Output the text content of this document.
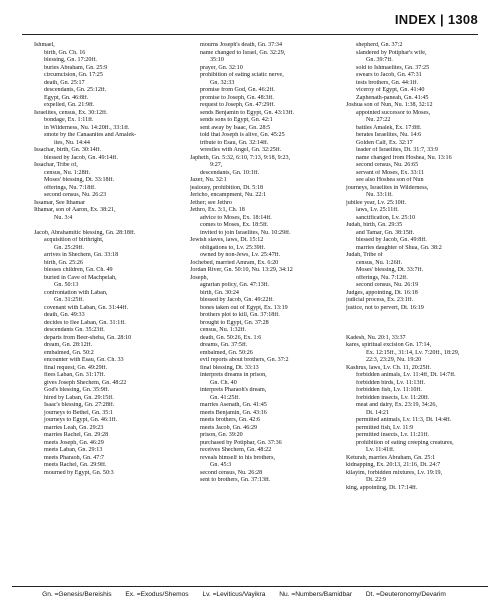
INDEX | 1308
Ishmael,
birth, Gn. Ch. 16
blessing, Gn. 17:20ff.
buries Abraham, Gn. 25:9
circumcision, Gn. 17:25
death, Gn. 25:17
descendants, Gn. 25:12ff.
Egypt, Gn. 46:8ff.
expelled, Gn. 21:9ff.
Israelites, census, Ex. 30:12ff.
bondage, Ex. 1:11ff.
in Wilderness, Nu. 14:20ff., 33:1ff.
smote by the Canaanites and Amalek-
ites, Nu. 14:44
Issachar, birth, Gn. 30:14ff.
blessed by Jacob, Gn. 49:14ff.
Issachar, Tribe of,
census, Nu. 1:28ff.
Moses' blessing, Dt. 33:18ff.
offerings, Nu. 7:18ff.
second census, Nu. 26:23
Issamar, See Ithamar
Ithamar, son of Aaron, Ex. 38:21,
Nu. 3:4
Jacob, Abrahamitic blessing, Gn. 28:18ff.
acquisition of birthright,
Gn. 25:29ff.
arrives in Shechem, Gn. 33:18
birth, Gn. 25:26
blesses children, Gn. Ch. 49
buried in Cave of Machpelah,
Gn. 50:13
confrontation with Laban,
Gn. 31:25ff.
covenant with Laban, Gn. 31:44ff.
death, Gn. 49:33
decides to flee Laban, Gn. 31:1ff.
descendants Gn. 35:23ff.
departs from Beer-sheba, Gn. 28:10
dream, Gn. 28:12ff.
embalmed, Gn. 50:2
encounter with Esau, Gn. Ch. 33
final request, Gn. 49:29ff.
flees Laban, Gn. 31:17ff.
gives Joseph Shechem, Gn. 48:22
God's blessing, Gn. 35:9ff.
hired by Laban, Gn. 29:15ff.
Isaac's blessing, Gn. 27:28ff.
journeys to Bethel, Gn. 35:1
journeys to Egypt, Gn. 46:1ff.
marries Leah, Gn. 29:23
marries Rachel, Gn. 29:28
meets Joseph, Gn. 46:29
meets Laban, Gn. 29:13
meets Pharaoh, Gn. 47:7
meets Rachel, Gn. 29:9ff.
mourned by Egypt, Gn. 50:3
mourns Joseph's death, Gn. 37:34
name changed to Israel, Gn. 32:29,
35:10
prayer, Gn. 32:10
prohibition of eating sciatic nerve,
Gn. 32:33
promise from God, Gn. 46:2ff.
promise to Joseph, Gn. 48:3ff.
request to Joseph, Gn. 47:29ff.
sends Benjamin to Egypt, Gn. 43:13ff.
sends sons to Egypt, Gn. 42:1
sent away by Isaac, Gn. 28:5
told that Joseph is alive, Gn. 45:25
tribute to Esau, Gn. 32:14ff.
wrestles with Angel, Gn. 32:25ff.
Japheth, Gn. 5:32, 6:10, 7:13, 9:18, 9:23,
9:27,
descendants, Gn. 10:1ff.
Jazer, Nu. 32:1
jealousy, prohibition, Dt. 5:18
Jericho, encampment, Nu. 22:1
Jether; see Jethro
Jethro, Ex. 3:1, Ch. 18
advice to Moses, Ex. 18:14ff.
comes to Moses, Ex. 18:5ff.
invited to join Israelites, Nu. 10:29ff.
Jewish slaves, laws, Dt. 15:12
obligations to, Lv. 25:39ff.
owned by non-Jews, Lv. 25:47ff.
Jochebed, married Amram, Ex. 6:20
Jordan River, Gn. 50:10, Nu. 13:29, 34:12
Joseph,
agrarian policy, Gn. 47:13ff.
birth, Gn. 30:24
blessed by Jacob, Gn. 49:22ff.
bones taken out of Egypt, Ex. 13:19
brothers plot to kill, Gn. 37:18ff.
brought to Egypt, Gn. 37:28
census, Nu. 1:32ff.
death, Gn. 50:26, Ex. 1:6
dreams, Gn. 37:5ff.
embalmed, Gn. 50:26
evil reports about brothers, Gn. 37:2
final blessing, Dt. 33:13
interprets dreams in prison,
Gn. Ch. 40
interprets Pharaoh's dream,
Gn. 41:25ff.
marries Asenath, Gn. 41:45
meets Benjamin, Gn. 43:16
meets brothers, Gn. 42:6
meets Jacob, Gn. 46:29
prison, Gn. 39:20
purchased by Potiphar, Gn. 37:36
receives Shechem, Gn. 48:22
reveals himself to his brothers,
Gn. 45:3
second census, Nu. 26:28
sent to brothers, Gn. 37:13ff.
shepherd, Gn. 37:2
slandered by Potiphar's wife,
Gn. 39:7ff.
sold to Ishmaelites, Gn. 37:25
swears to Jacob, Gn. 47:31
tests brothers, Gn. 44:1ff.
viceroy of Egypt, Gn. 41:40
Zaphenath-paneah, Gn. 41:45
Joshua son of Nun, Nu. 1:38, 32:12
appointed successor to Moses,
Nu. 27:22
battles Amalek, Ex. 17:8ff.
berates Israelites, Nu. 14:6
Golden Calf, Ex. 32:17
leader of Israelites, Dt. 31:7, 33:9
name changed from Hoshea, Nu. 13:16
second census, Nu. 26:65
servant of Moses, Ex. 33:11
see also Hoshea son of Nun
journeys, Israelites in Wilderness,
Nu. 33:1ff.
jubilee year, Lv. 25:10ff.
laws, Lv. 25:11ff.
sanctification, Lv. 25:10
Judah, birth, Gn. 29:35
and Tamar, Gn. 38:15ff.
blessed by Jacob, Gn. 49:8ff.
marries daughter of Shua, Gn. 38:2
Judah, Tribe of
census, Nu. 1:26ff.
Moses' blessing, Dt. 33:7ff.
offerings, Nu. 7:12ff.
second census, Nu. 26:19
Judges, appointing, Dt. 16:18
judicial process, Ex. 23:1ff.
justice, not to pervert, Dt. 16:19
Kadesh, Nu. 20:1, 33:37
kares, spiritual excision Gn. 17:14,
Ex. 12:15ff., 31:14, Lv. 7:20ff., 18:29,
22:3, 23:29, Nu. 19:20
Kashrus, laws, Lv. Ch. 11, 20:25ff.
forbidden animals, Lv. 11:4ff, Dt. 14:7ff.
forbidden birds, Lv. 11:13ff.
forbidden fish, Lv. 11:10ff.
forbidden insects, Lv. 11:20ff.
meat and dairy, Ex. 23:19, 34:26,
Dt. 14:21
permitted animals, Lv. 11:3, Dt. 14:4ff.
permitted fish, Lv. 11:9
permitted insects, Lv. 11:21ff.
prohibition of eating creeping creatures,
Lv. 11:41ff.
Keturah, marries Abraham, Gn. 25:1
kidnapping, Ex. 20:13, 21:16, Dt. 24:7
kilayim, forbidden mixtures, Lv. 19:19,
Dt. 22:9
king, appointing, Dt. 17:14ff.
Gn. =Genesis/Bereishis Ex. =Exodus/Shemos Lv. =Leviticus/Vayikra Nu. =Numbers/Bamidbar Dt. =Deuteronomy/Devarim
